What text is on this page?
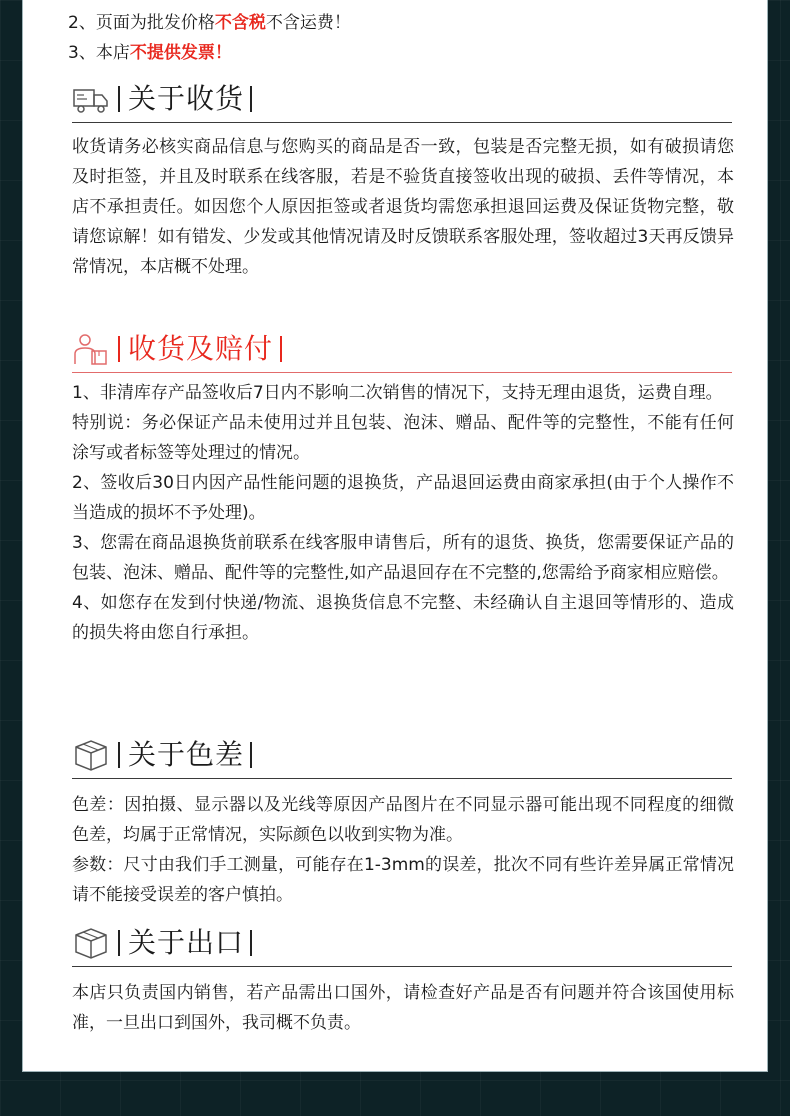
2、页面为批发价格不含税不含运费！
3、本店不提供发票！
关于收货

收货请务必核实商品信息与您购买的商品是否一致，包装是否完整无损，如有破损请您及时拒签，并且及时联系在线客服，若是不验货直接签收出现的破损、丢件等情况，本店不承担责任。如因您个人原因拒签或者退货均需您承担退回运费及保证货物完整，敬请您谅解！如有错发、少发或其他情况请及时反馈联系客服处理，签收超过3天再反馈异常情况，本店概不处理。

收货及赔付

1、非清库存产品签收后7日内不影响二次销售的情况下，支持无理由退货，运费自理。

特别说：务必保证产品未使用过并且包装、泡沫、赠品、配件等的完整性，不能有任何涂写或者标签等处理过的情况。

2、签收后30日内因产品性能问题的退换货，产品退回运费由商家承担(由于个人操作不当造成的损坏不予处理)。

3、您需在商品退换货前联系在线客服申请售后，所有的退货、换货，您需要保证产品的包装、泡沫、赠品、配件等的完整性,如产品退回存在不完整的,您需给予商家相应赔偿。

4、如您存在发到付快递/物流、退换货信息不完整、未经确认自主退回等情形的、造成的损失将由您自行承担。

关于色差

色差：因拍摄、显示器以及光线等原因产品图片在不同显示器可能出现不同程度的细微色差，均属于正常情况，实际颜色以收到实物为准。

参数：尺寸由我们手工测量，可能存在1-3mm的误差，批次不同有些许差异属正常情况请不能接受误差的客户慎拍。

关于出口

本店只负责国内销售，若产品需出口国外，请检查好产品是否有问题并符合该国使用标准，一旦出口到国外，我司概不负责。
